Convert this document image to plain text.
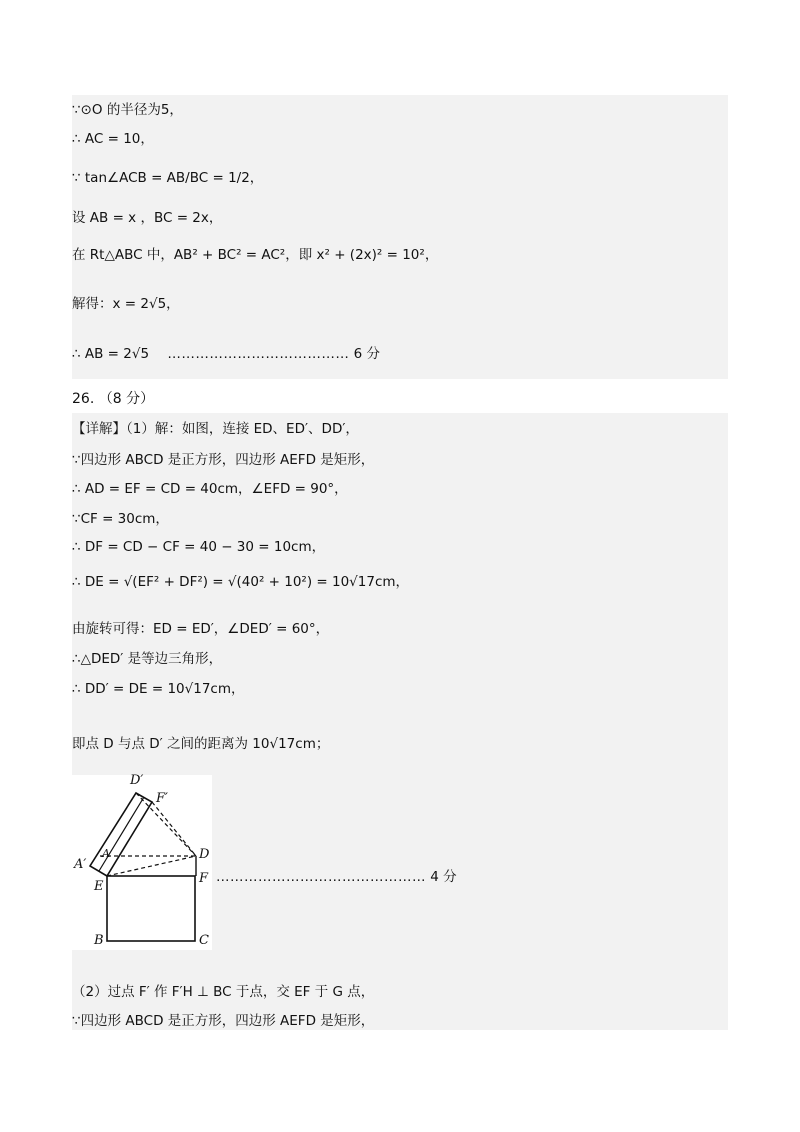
∵⊙O 的半径为5，
∴ AC = 10，
∵ tan∠ACB = AB/BC = 1/2，
设 AB = x ，BC = 2x，
在 Rt△ABC 中，AB² + BC² = AC²，即 x² + (2x)² = 10²，
解得：x = 2√5，
∴ AB = 2√5 ………………………………… 6 分
26. （8 分）
【详解】（1）解：如图，连接 ED、ED′、DD′，
∵四边形 ABCD 是正方形，四边形 AEFD 是矩形，
∴ AD = EF = CD = 40cm，∠EFD = 90°，
∵CF = 30cm，
∴ DF = CD − CF = 40 − 30 = 10cm，
∴ DE = √(EF² + DF²) = √(40² + 10²) = 10√17cm，
由旋转可得：ED = ED′，∠DED′ = 60°，
∴△DED′ 是等边三角形，
∴ DD′ = DE = 10√17cm，
即点 D 与点 D′ 之间的距离为 10√17cm；
D′
F′
A′
A	D
E
F
B	C
……………………………………… 4 分
（2）过点 F′ 作 F′H ⊥ BC 于点，交 EF 于 G 点，
∵四边形 ABCD 是正方形，四边形 AEFD 是矩形，
